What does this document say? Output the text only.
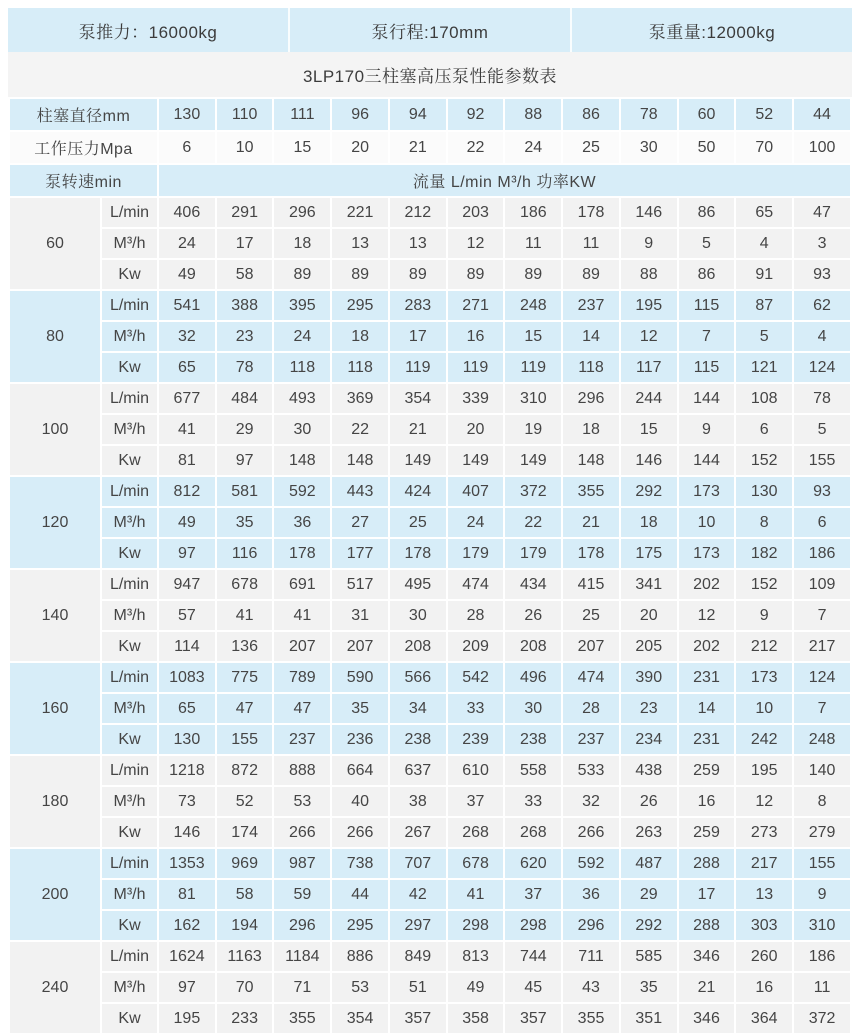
泵推力：16000kg	泵行程:170mm	泵重量:12000kg
3LP170三柱塞高压泵性能参数表
柱塞直径mm		130	110	111	96	94	92	88	86	78	60	52	44
工作压力Mpa		6	10	15	20	21	22	24	25	30	50	70	100
泵转速min		流量 L/min M³/h 功率KW											
60	L/min	406	291	296	221	212	203	186	178	146	86	65	47
	M³/h	24	17	18	13	13	12	11	11	9	5	4	3
	Kw	49	58	89	89	89	89	89	89	88	86	91	93
80	L/min	541	388	395	295	283	271	248	237	195	115	87	62
	M³/h	32	23	24	18	17	16	15	14	12	7	5	4
	Kw	65	78	118	118	119	119	119	118	117	115	121	124
100	L/min	677	484	493	369	354	339	310	296	244	144	108	78
	M³/h	41	29	30	22	21	20	19	18	15	9	6	5
	Kw	81	97	148	148	149	149	149	148	146	144	152	155
120	L/min	812	581	592	443	424	407	372	355	292	173	130	93
	M³/h	49	35	36	27	25	24	22	21	18	10	8	6
	Kw	97	116	178	177	178	179	179	178	175	173	182	186
140	L/min	947	678	691	517	495	474	434	415	341	202	152	109
	M³/h	57	41	41	31	30	28	26	25	20	12	9	7
	Kw	114	136	207	207	208	209	208	207	205	202	212	217
160	L/min	1083	775	789	590	566	542	496	474	390	231	173	124
	M³/h	65	47	47	35	34	33	30	28	23	14	10	7
	Kw	130	155	237	236	238	239	238	237	234	231	242	248
180	L/min	1218	872	888	664	637	610	558	533	438	259	195	140
	M³/h	73	52	53	40	38	37	33	32	26	16	12	8
	Kw	146	174	266	266	267	268	268	266	263	259	273	279
200	L/min	1353	969	987	738	707	678	620	592	487	288	217	155
	M³/h	81	58	59	44	42	41	37	36	29	17	13	9
	Kw	162	194	296	295	297	298	298	296	292	288	303	310
240	L/min	1624	1163	1184	886	849	813	744	711	585	346	260	186
	M³/h	97	70	71	53	51	49	45	43	35	21	16	11
	Kw	195	233	355	354	357	358	357	355	351	346	364	372
